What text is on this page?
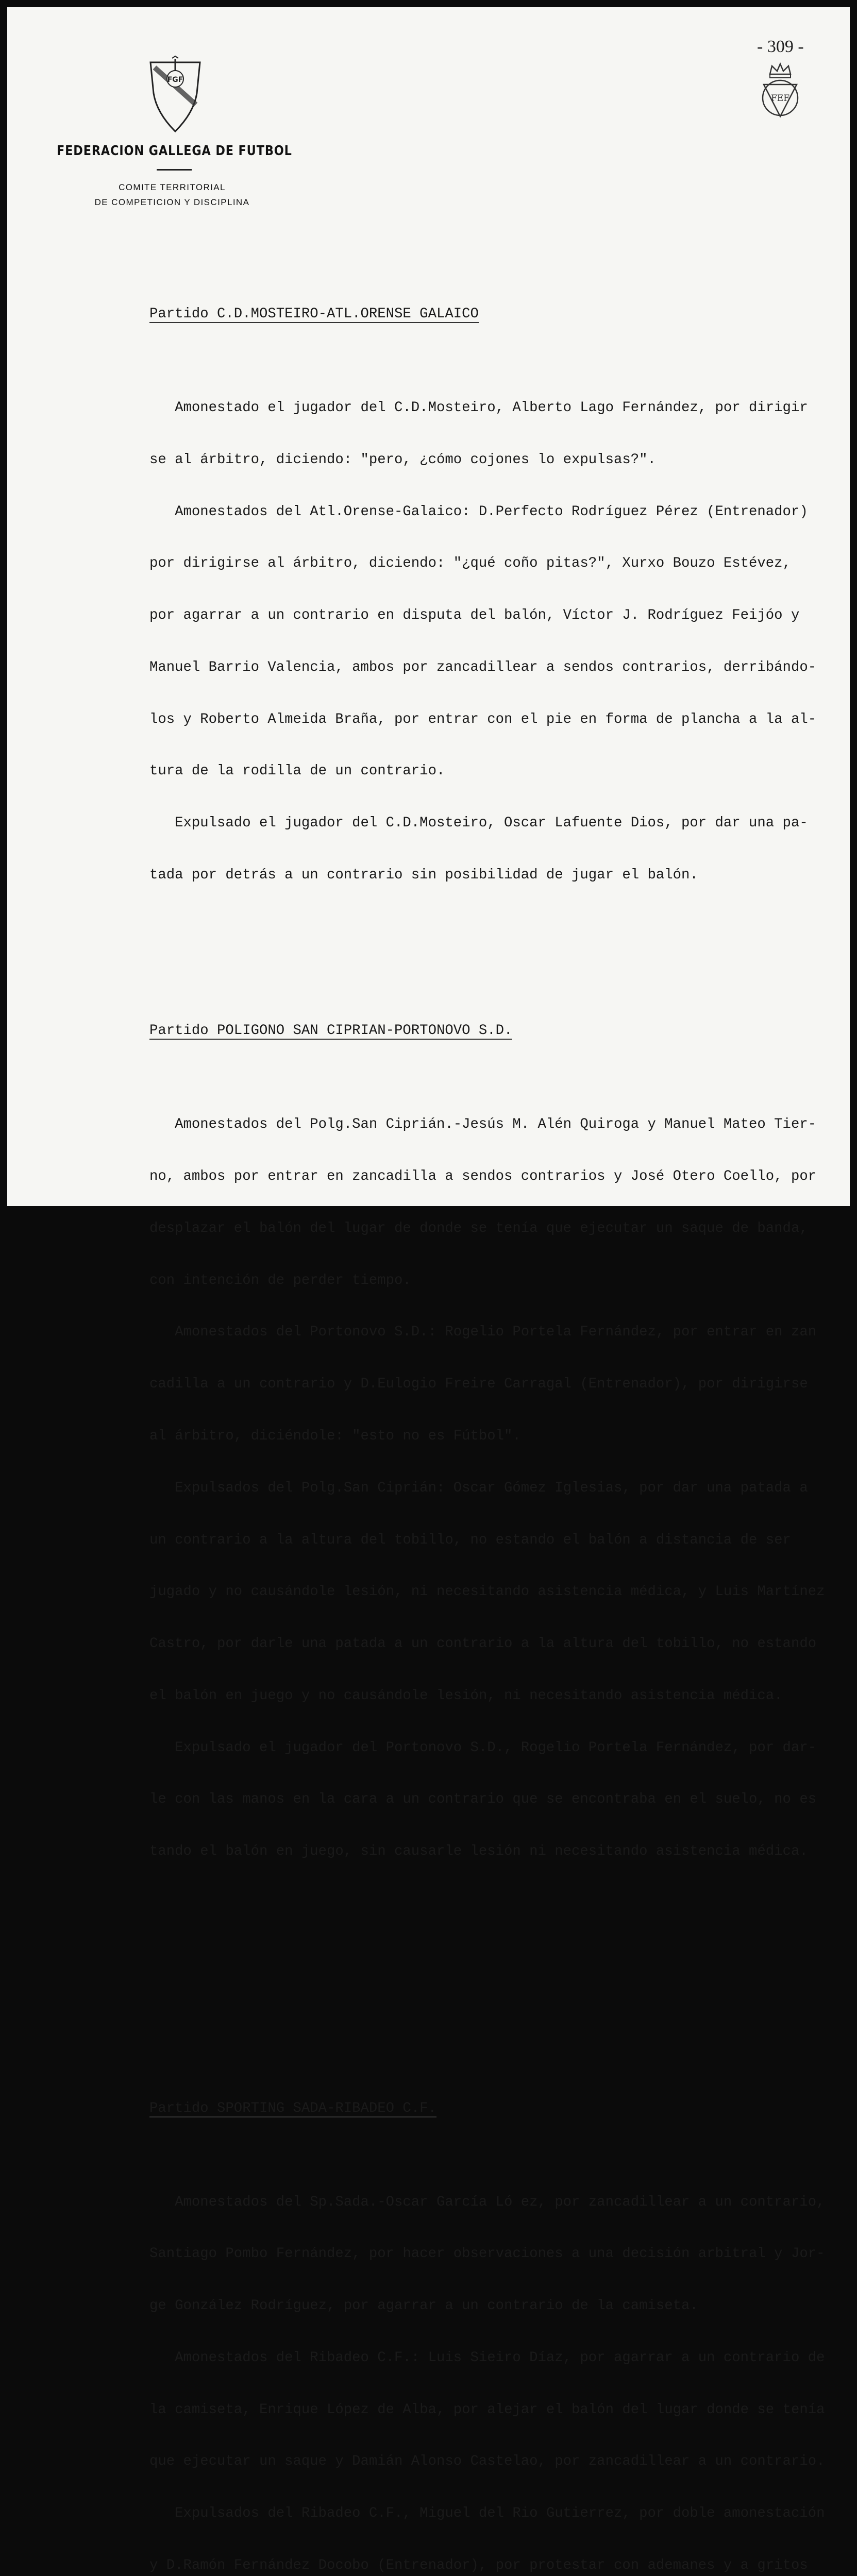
- 309 -
FGF
FEF
FEDERACION GALLEGA DE FUTBOL
COMITE TERRITORIAL
DE COMPETICION Y DISCIPLINA

Partido C.D.MOSTEIRO-ATL.ORENSE GALAICO

Amonestado el jugador del C.D.Mosteiro, Alberto Lago Fernández, por dirigir

se al árbitro, diciendo: "pero, ¿cómo cojones lo expulsas?".

Amonestados del Atl.Orense-Galaico: D.Perfecto Rodríguez Pérez (Entrenador)

por dirigirse al árbitro, diciendo: "¿qué coño pitas?", Xurxo Bouzo Estévez,

por agarrar a un contrario en disputa del balón, Víctor J. Rodríguez Feijóo y

Manuel Barrio Valencia, ambos por zancadillear a sendos contrarios, derribándo-

los y Roberto Almeida Braña, por entrar con el pie en forma de plancha a la al-

tura de la rodilla de un contrario.

Expulsado el jugador del C.D.Mosteiro, Oscar Lafuente Dios, por dar una pa-

tada por detrás a un contrario sin posibilidad de jugar el balón.

Partido POLIGONO SAN CIPRIAN-PORTONOVO S.D.

Amonestados del Polg.San Ciprián.-Jesús M. Alén Quiroga y Manuel Mateo Tier-

no, ambos por entrar en zancadilla a sendos contrarios y José Otero Coello, por

desplazar el balón del lugar de donde se tenía que ejecutar un saque de banda,

con intención de perder tiempo.

Amonestados del Portonovo S.D.: Rogelio Portela Fernández, por entrar en zan

cadilla a un contrario y D.Eulogio Freire Carragal (Entrenador), por dirigirse

al árbitro, diciéndole: "esto no es Fútbol".

Expulsados del Polg.San Ciprián: Oscar Gómez Iglesias, por dar una patada a

un contrario a la altura del tobillo, no estando el balón a distancia de ser

jugado y no causándole lesión, ni necesitando asistencia médica, y Luis Martínez

Castro, por darle una patada a un contrario a la altura del tobillo, no estando

el balón en juego y no causándole lesión, ni necesitando asistencia médica.

Expulsado el jugador del Portonovo S.D., Rogelio Portela Fernández, por dar-

le con las manos en la cara a un contrario que se encontraba en el suelo, no es

tando el balón en juego, sin causarle lesión ni necesitando asistencia médica.

Partido SPORTING SADA-RIBADEO C.F.

Amonestados del Sp.Sada.-Oscar García Ló ez, por zancadillear a un contrario,

Santiago Pombo Fernández, por hacer observaciones a una decisión arbitral y Jor-

ge González Rodríguez, por agarrar a un contrario de la camiseta.

Amonestados del Ribadeo C.F.: Luis Sieiro Díaz, por agarrar a un contrario de

la camiseta, Enrique López de Alba, por alejar el balón del lugar donde se tenía

que ejecutar un saque y Damián Alonso Castelao, por zancadillear a un contrario.

Expulsados del Ribadeo C.F., Miguel del Rio Gutierrez, por doble amonestación

y D.Ramón Fernández Docobo (Entrenador), por protestar con ademanes y a gritos
